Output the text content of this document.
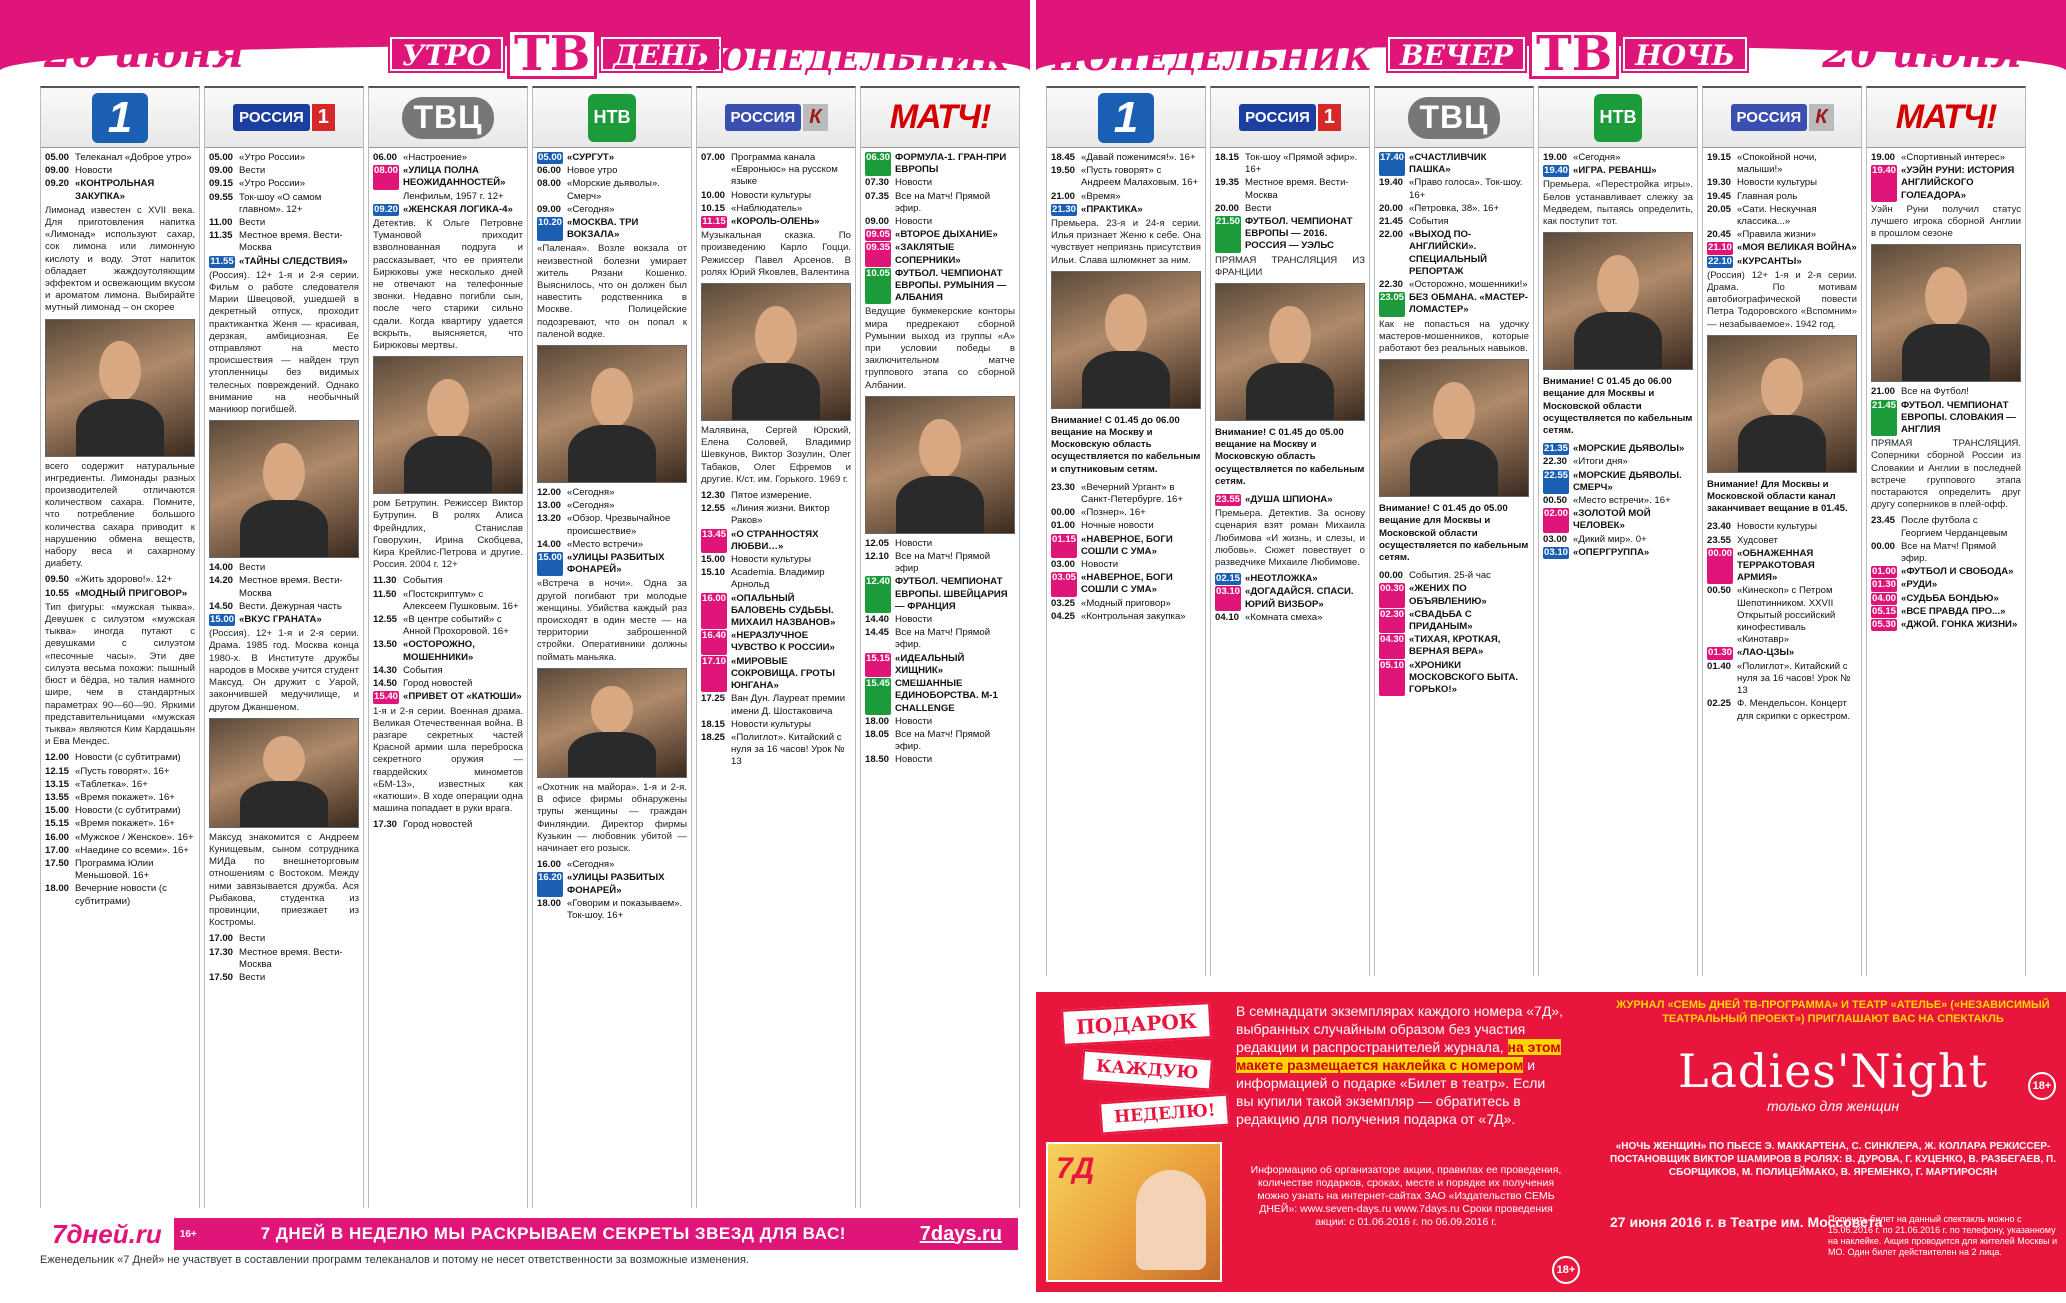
20 июня	УТРО ТВ ДЕНЬ
ПОНЕДЕЛЬНИК
1
05.00 Телеканал «Доброе утро»
09.00 Новости
09.20 «КОНТРОЛЬНАЯ ЗАКУПКА»
Лимонад известен с XVII века. Для приготовления напитка «Лимонад» используют сахар, сок лимона или лимонную кислоту и воду. Этот напиток обладает жаждоутоляющим эффектом и освежающим вкусом и ароматом лимона. Выбирайте мутный лимонад – он скорее
всего содержит натуральные ингредиенты. Лимонады разных производителей отличаются количеством сахара. Помните, что потребление большого количества сахара приводит к нарушению обмена веществ, набору веса и сахарному диабету.
09.50 «Жить здорово!». 12+
10.55 «МОДНЫЙ ПРИГОВОР»
Тип фигуры: «мужская тыква». Девушек с силуэтом «мужская тыква» иногда путают с девушками с силуэтом «песочные часы». Эти две силуэта весьма похожи: пышный бюст и бёдра, но талия намного шире, чем в стандартных параметрах 90—60—90. Яркими представительницами «мужская тыква» являются Ким Кардашьян и Ева Мендес.
12.00 Новости (с субтитрами)
12.15 «Пусть говорят». 16+
13.15 «Таблетка». 16+
13.55 «Время покажет». 16+
15.00 Новости (с субтитрами)
15.15 «Время покажет». 16+
16.00 «Мужское / Женское». 16+
17.00 «Наедине со всеми». 16+
17.50 Программа Юлии Меньшовой. 16+
18.00 Вечерние новости (с субтитрами)
РОССИЯ 1
05.00 «Утро России»
09.00 Вести
09.15 «Утро России»
09.55 Ток-шоу «О самом главном». 12+
11.00 Вести
11.35 Местное время. Вести-Москва
11.55 «ТАЙНЫ СЛЕДСТВИЯ»
(Россия). 12+ 1-я и 2-я серии. Фильм о работе следователя Марии Швецовой, ушедшей в декретный отпуск, проходит практикантка Женя — красивая, дерзкая, амбициозная. Ее отправляют на место происшествия — найден труп утопленницы без видимых телесных повреждений. Однако внимание на необычный маникюр погибшей.
14.00 Вести
14.20 Местное время. Вести-Москва
14.50 Вести. Дежурная часть
15.00 «ВКУС ГРАНАТА»
(Россия). 12+ 1-я и 2-я серии. Драма. 1985 год. Москва конца 1980-х. В Институте дружбы народов в Москве учится студент Максуд. Он дружит с Уарой, закончившей медучилище, и другом Джаншеном.
Максуд знакомится с Андреем Кунищевым, сыном сотрудника МИДа по внешнеторговым отношениям с Востоком. Между ними завязывается дружба. Ася Рыбакова, студентка из провинции, приезжает из Костромы.
17.00 Вести
17.30 Местное время. Вести-Москва
17.50 Вести
ТВЦ
06.00 «Настроение»
08.00 «УЛИЦА ПОЛНА НЕОЖИДАННОСТЕЙ»
Ленфильм, 1957 г. 12+
09.20 «ЖЕНСКАЯ ЛОГИКА-4»
Детектив. К Ольге Петровне Тумановой приходит взволнованная подруга и рассказывает, что ее приятели Бирюковы уже несколько дней не отвечают на телефонные звонки. Недавно погибли сын, после чего старики сильно сдали. Когда квартиру удается вскрыть, выясняется, что Бирюковы мертвы.
ром Бетрупин. Режиссер Виктор Бутрупин. В ролях Алиса Фрейндлих, Станислав Говорухин, Ирина Скобцева, Кира Крейлис-Петрова и другие. Россия. 2004 г. 12+
11.30 События
11.50 «Постскриптум» с Алексеем Пушковым. 16+
12.55 «В центре событий» с Анной Прохоровой. 16+
13.50 «ОСТОРОЖНО, МОШЕННИКИ»
14.30 События
14.50 Город новостей
15.40 «ПРИВЕТ ОТ «КАТЮШИ»
1-я и 2-я серии. Военная драма. Великая Отечественная война. В разгаре секретных частей Красной армии шла переброска секретного оружия — гвардейских минометов «БМ-13», известных как «катюши». В ходе операции одна машина попадает в руки врага.
17.30 Город новостей
НТВ
05.00 «СУРГУТ»
06.00 Новое утро
08.00 «Морские дьяволы». Смерч»
09.00 «Сегодня»
10.20 «МОСКВА. ТРИ ВОКЗАЛА»
«Паленая». Возле вокзала от неизвестной болезни умирает житель Рязани Кошенко. Выяснилось, что он должен был навестить родственника в Москве. Полицейские подозревают, что он попал к паленой водке.
12.00 «Сегодня»
13.00 «Сегодня»
13.20 «Обзор. Чрезвычайное происшествие»
14.00 «Место встречи»
15.00 «УЛИЦЫ РАЗБИТЫХ ФОНАРЕЙ»
«Встреча в ночи». Одна за другой погибают три молодые женщины. Убийства каждый раз происходят в один месте — на территории заброшенной стройки. Оперативники должны поймать маньяка.
«Охотник на майора». 1-я и 2-я. В офисе фирмы обнаружены трупы женщины — граждан Финляндии. Директор фирмы Кузькин — любовник убитой — начинает его розыск.
16.00 «Сегодня»
16.20 «УЛИЦЫ РАЗБИТЫХ ФОНАРЕЙ»
18.00 «Говорим и показываем». Ток-шоу. 16+
РОССИЯ К
07.00 Программа канала «Евроньюс» на русском языке
10.00 Новости культуры
10.15 «Наблюдатель»
11.15 «КОРОЛЬ-ОЛЕНЬ»
Музыкальная сказка. По произведению Карло Гоцци. Режиссер Павел Арсенов. В ролях Юрий Яковлев, Валентина
Малявина, Сергей Юрский, Елена Соловей, Владимир Шевкунов, Виктор Зозулин, Олег Табаков, Олег Ефремов и другие. К/ст. им. Горького. 1969 г.
12.30 Пятое измерение.
12.55 «Линия жизни. Виктор Раков»
13.45 «О СТРАННОСТЯХ ЛЮБВИ…»
15.00 Новости культуры
15.10 Academia. Владимир Арнольд
16.00 «ОПАЛЬНЫЙ БАЛОВЕНЬ СУДЬБЫ. МИХАИЛ НАЗВАНОВ»
16.40 «НЕРАЗЛУЧНОЕ ЧУВСТВО К РОССИИ»
17.10 «МИРОВЫЕ СОКРОВИЩА. ГРОТЫ ЮНГАНА»
17.25 Ван Дун. Лауреат премии имени Д. Шостаковича
18.15 Новости культуры
18.25 «Полиглот». Китайский с нуля за 16 часов! Урок № 13
МАТЧ!
06.30 ФОРМУЛА-1. ГРАН-ПРИ ЕВРОПЫ
07.30 Новости
07.35 Все на Матч! Прямой эфир.
09.00 Новости
09.05 «ВТОРОЕ ДЫХАНИЕ»
09.35 «ЗАКЛЯТЫЕ СОПЕРНИКИ»
10.05 ФУТБОЛ. ЧЕМПИОНАТ ЕВРОПЫ. РУМЫНИЯ — АЛБАНИЯ
Ведущие букмекерские конторы мира предрекают сборной Румынии выход из группы «А» при условии победы в заключительном матче группового этапа со сборной Албании.
12.05 Новости
12.10 Все на Матч! Прямой эфир
12.40 ФУТБОЛ. ЧЕМПИОНАТ ЕВРОПЫ. ШВЕЙЦАРИЯ — ФРАНЦИЯ
14.40 Новости
14.45 Все на Матч! Прямой эфир.
15.15 «ИДЕАЛЬНЫЙ ХИЩНИК»
15.45 СМЕШАННЫЕ ЕДИНОБОРСТВА. M-1 CHALLENGE
18.00 Новости
18.05 Все на Матч! Прямой эфир.
18.50 Новости
7дней.ru	16+	7 ДНЕЙ В НЕДЕЛЮ МЫ РАСКРЫВАЕМ СЕКРЕТЫ ЗВЕЗД ДЛЯ ВАС!	7days.ru
Еженедельник «7 Дней» не участвует в составлении программ телеканалов и потому не несет ответственности за возможные изменения.
ПОНЕДЕЛЬНИК ВЕЧЕР ТВ НОЧЬ	20 июня
1
18.45 «Давай поженимся!». 16+
19.50 «Пусть говорят» с Андреем Малаховым. 16+
21.00 «Время»
21.30 «ПРАКТИКА»
Премьера. 23-я и 24-я серии. Илья признает Женю к себе. Она чувствует неприязнь присутствия Ильи. Слава шлюмкнет за ним.
Внимание! С 01.45 до 06.00 вещание на Москву и Московскую область осуществляется по кабельным и спутниковым сетям.
23.30 «Вечерний Ургант» в Санкт-Петербурге. 16+
00.00 «Познер». 16+
01.00 Ночные новости
01.15 «НАВЕРНОЕ, БОГИ СОШЛИ С УМА»
03.00 Новости
03.05 «НАВЕРНОЕ, БОГИ СОШЛИ С УМА»
03.25 «Модный приговор»
04.25 «Контрольная закупка»
РОССИЯ 1
18.15 Ток-шоу «Прямой эфир». 16+
19.35 Местное время. Вести-Москва
20.00 Вести
21.50 ФУТБОЛ. ЧЕМПИОНАТ ЕВРОПЫ — 2016. РОССИЯ — УЭЛЬС
ПРЯМАЯ ТРАНСЛЯЦИЯ ИЗ ФРАНЦИИ
Внимание! С 01.45 до 05.00 вещание на Москву и Московскую область осуществляется по кабельным сетям.
23.55 «ДУША ШПИОНА»
Премьера. Детектив. За основу сценария взят роман Михаила Любимова «И жизнь, и слезы, и любовь». Сюжет повествует о разведчике Михаиле Любимове.
02.15 «НЕОТЛОЖКА»
03.10 «ДОГАДАЙСЯ. СПАСИ. ЮРИЙ ВИЗБОР»
04.10 «Комната смеха»
ТВЦ
17.40 «СЧАСТЛИВЧИК ПАШКА»
19.40 «Право голоса». Ток-шоу. 16+
20.00 «Петровка, 38». 16+
21.45 События
22.00 «ВЫХОД ПО-АНГЛИЙСКИ». СПЕЦИАЛЬНЫЙ РЕПОРТАЖ
22.30 «Осторожно, мошенники!»
23.05 БЕЗ ОБМАНА. «МАСТЕР-ЛОМАСТЕР»
Как не попасться на удочку мастеров-мошенников, которые работают без реальных навыков.
Внимание! С 01.45 до 05.00 вещание для Москвы и Московской области осуществляется по кабельным сетям.
00.00 События. 25-й час
00.30 «ЖЕНИХ ПО ОБЪЯВЛЕНИЮ»
02.30 «СВАДЬБА С ПРИДАНЫМ»
04.30 «ТИХАЯ, КРОТКАЯ, ВЕРНАЯ ВЕРА»
05.10 «ХРОНИКИ МОСКОВСКОГО БЫТА. ГОРЬКО!»
НТВ
19.00 «Сегодня»
19.40 «ИГРА. РЕВАНШ»
Премьера. «Перестройка игры». Белов устанавливает слежку за Медведем, пытаясь определить, как поступит тот.
Внимание! С 01.45 до 06.00 вещание для Москвы и Московской области осуществляется по кабельным сетям.
21.35 «МОРСКИЕ ДЬЯВОЛЫ»
22.30 «Итоги дня»
22.55 «МОРСКИЕ ДЬЯВОЛЫ. СМЕРЧ»
00.50 «Место встречи». 16+
02.00 «ЗОЛОТОЙ МОЙ ЧЕЛОВЕК»
03.00 «Дикий мир». 0+
03.10 «ОПЕРГРУППА»
РОССИЯ К
19.15 «Спокойной ночи, малыши!»
19.30 Новости культуры
19.45 Главная роль
20.05 «Сати. Нескучная классика...»
20.45 «Правила жизни»
21.10 «МОЯ ВЕЛИКАЯ ВОЙНА»
22.10 «КУРСАНТЫ»
(Россия) 12+ 1-я и 2-я серии. Драма. По мотивам автобиографической повести Петра Тодоровского «Вспомним» — незабываемое». 1942 год.
Внимание! Для Москвы и Московской области канал заканчивает вещание в 01.45.
23.40 Новости культуры
23.55 Худсовет
00.00 «ОБНАЖЕННАЯ ТЕРРАКОТОВАЯ АРМИЯ»
00.50 «Кинескоп» с Петром Шепотинником. XXVII Открытый российский кинофестиваль «Кинотавр»
01.30 «ЛАО-ЦЗЫ»
01.40 «Полиглот». Китайский с нуля за 16 часов! Урок № 13
02.25 Ф. Мендельсон. Концерт для скрипки с оркестром.
МАТЧ!
19.00 «Спортивный интерес»
19.40 «УЭЙН РУНИ: ИСТОРИЯ АНГЛИЙСКОГО ГОЛЕАДОРА»
Уэйн Руни получил статус лучшего игрока сборной Англии в прошлом сезоне
21.00 Все на Футбол!
21.45 ФУТБОЛ. ЧЕМПИОНАТ ЕВРОПЫ. СЛОВАКИЯ — АНГЛИЯ
ПРЯМАЯ ТРАНСЛЯЦИЯ. Соперники сборной России из Словакии и Англии в последней встрече группового этапа постараются определить друг другу соперников в плей-офф.
23.45 После футбола с Георгием Черданцевым
00.00 Все на Матч! Прямой эфир.
01.00 «ФУТБОЛ И СВОБОДА»
01.30 «РУДИ»
04.00 «СУДЬБА БОНДЬЮ»
05.15 «ВСЕ ПРАВДА ПРО...»
05.30 «ДЖОЙ. ГОНКА ЖИЗНИ»
ПОДАРОК
КАЖДУЮ
НЕДЕЛЮ!
7Д
В семнадцати экземплярах каждого номера «7Д», выбранных случайным образом без участия редакции и распространителей журнала, на этом макете размещается наклейка с номером и информацией о подарке «Билет в театр». Если вы купили такой экземпляр — обратитесь в редакцию для получения подарка от «7Д».
Информацию об организаторе акции, правилах ее проведения, количестве подарков, сроках, месте и порядке их получения можно узнать на интернет-сайтах ЗАО «Издательство СЕМЬ ДНЕЙ»: www.seven-days.ru www.7days.ru Сроки проведения акции: с 01.06.2016 г. по 06.09.2016 г.
18+
ЖУРНАЛ «СЕМЬ ДНЕЙ ТВ-ПРОГРАММА» И ТЕАТР «АТЕЛЬЕ» («НЕЗАВИСИМЫЙ ТЕАТРАЛЬНЫЙ ПРОЕКТ») ПРИГЛАШАЮТ ВАС НА СПЕКТАКЛЬ
Ladies'Night
только для женщин
«НОЧЬ ЖЕНЩИН» ПО ПЬЕСЕ Э. МАККАРТЕНА, С. СИНКЛЕРА, Ж. КОЛЛАРА РЕЖИССЕР-ПОСТАНОВЩИК ВИКТОР ШАМИРОВ В РОЛЯХ: В. ДУРОВА, Г. КУЦЕНКО, В. РАЗБЕГАЕВ, П. СБОРЩИКОВ, М. ПОЛИЦЕЙМАКО, В. ЯРЕМЕНКО, Г. МАРТИРОСЯН
27 июня 2016 г. в Театре им. Моссовета
Получить билет на данный спектакль можно с 15.06.2016 г. по 21.06.2016 г. по телефону, указанному на наклейке. Акция проводится для жителей Москвы и МО. Один билет действителен на 2 лица.
18+
